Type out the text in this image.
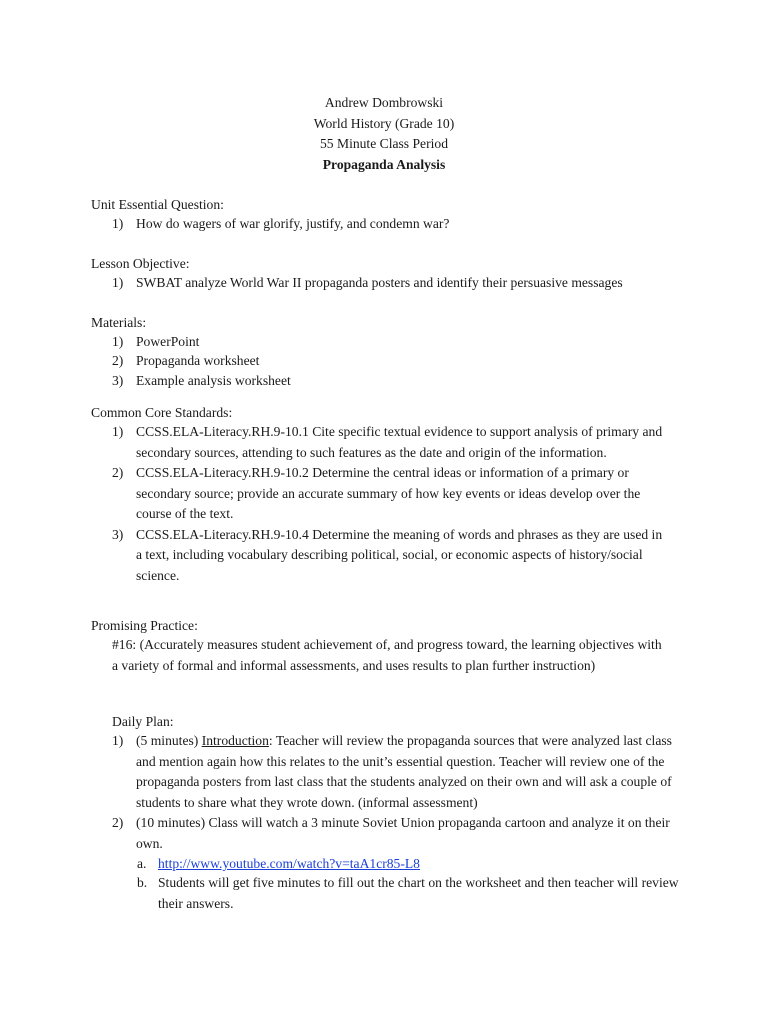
Andrew Dombrowski
World History (Grade 10)
55 Minute Class Period
Propaganda Analysis
Unit Essential Question:
1) How do wagers of war glorify, justify, and condemn war?
Lesson Objective:
1) SWBAT analyze World War II propaganda posters and identify their persuasive messages
Materials:
1) PowerPoint
2) Propaganda worksheet
3) Example analysis worksheet
Common Core Standards:
1) CCSS.ELA-Literacy.RH.9-10.1 Cite specific textual evidence to support analysis of primary and secondary sources, attending to such features as the date and origin of the information.
2) CCSS.ELA-Literacy.RH.9-10.2 Determine the central ideas or information of a primary or secondary source; provide an accurate summary of how key events or ideas develop over the course of the text.
3) CCSS.ELA-Literacy.RH.9-10.4 Determine the meaning of words and phrases as they are used in a text, including vocabulary describing political, social, or economic aspects of history/social science.
Promising Practice:
#16: (Accurately measures student achievement of, and progress toward, the learning objectives with a variety of formal and informal assessments, and uses results to plan further instruction)
Daily Plan:
1) (5 minutes) Introduction: Teacher will review the propaganda sources that were analyzed last class and mention again how this relates to the unit’s essential question. Teacher will review one of the propaganda posters from last class that the students analyzed on their own and will ask a couple of students to share what they wrote down. (informal assessment)
2) (10 minutes) Class will watch a 3 minute Soviet Union propaganda cartoon and analyze it on their own.
a. http://www.youtube.com/watch?v=taA1cr85-L8
b. Students will get five minutes to fill out the chart on the worksheet and then teacher will review their answers.
